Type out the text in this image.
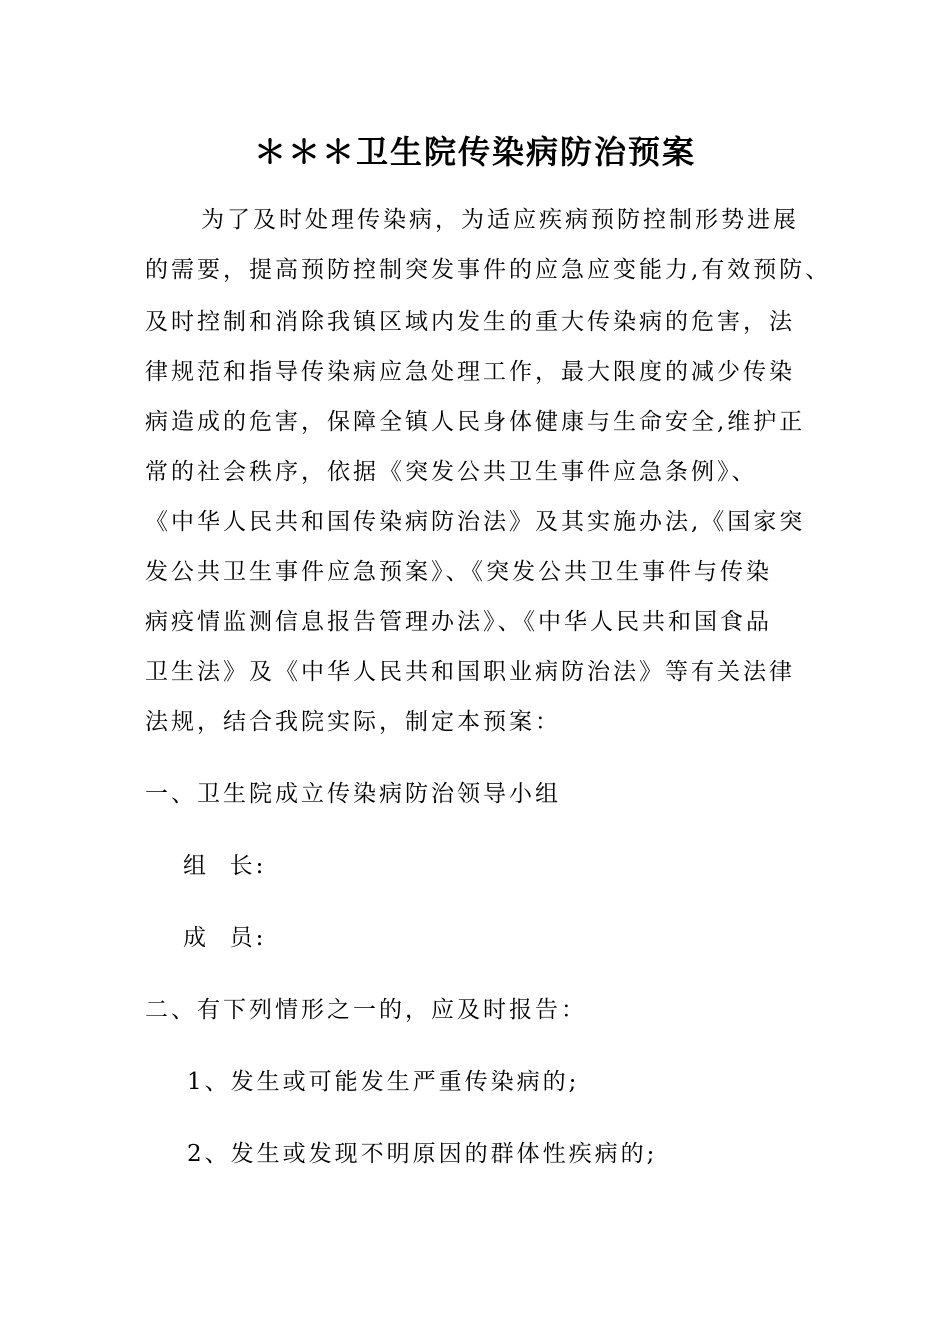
＊＊＊卫生院传染病防治预案
为了及时处理传染病，为适应疾病预防控制形势进展
的需要，提高预防控制突发事件的应急应变能力,有效预防、
及时控制和消除我镇区域内发生的重大传染病的危害，法
律规范和指导传染病应急处理工作，最大限度的减少传染
病造成的危害，保障全镇人民身体健康与生命安全,维护正
常的社会秩序，依据《突发公共卫生事件应急条例》、
《中华人民共和国传染病防治法》及其实施办法,《国家突
发公共卫生事件应急预案》、《突发公共卫生事件与传染
病疫情监测信息报告管理办法》、《中华人民共和国食品
卫生法》及《中华人民共和国职业病防治法》等有关法律
法规，结合我院实际，制定本预案：
一、卫生院成立传染病防治领导小组
组  长:
成  员:
二、有下列情形之一的，应及时报告：
1、发生或可能发生严重传染病的;
2、发生或发现不明原因的群体性疾病的;
